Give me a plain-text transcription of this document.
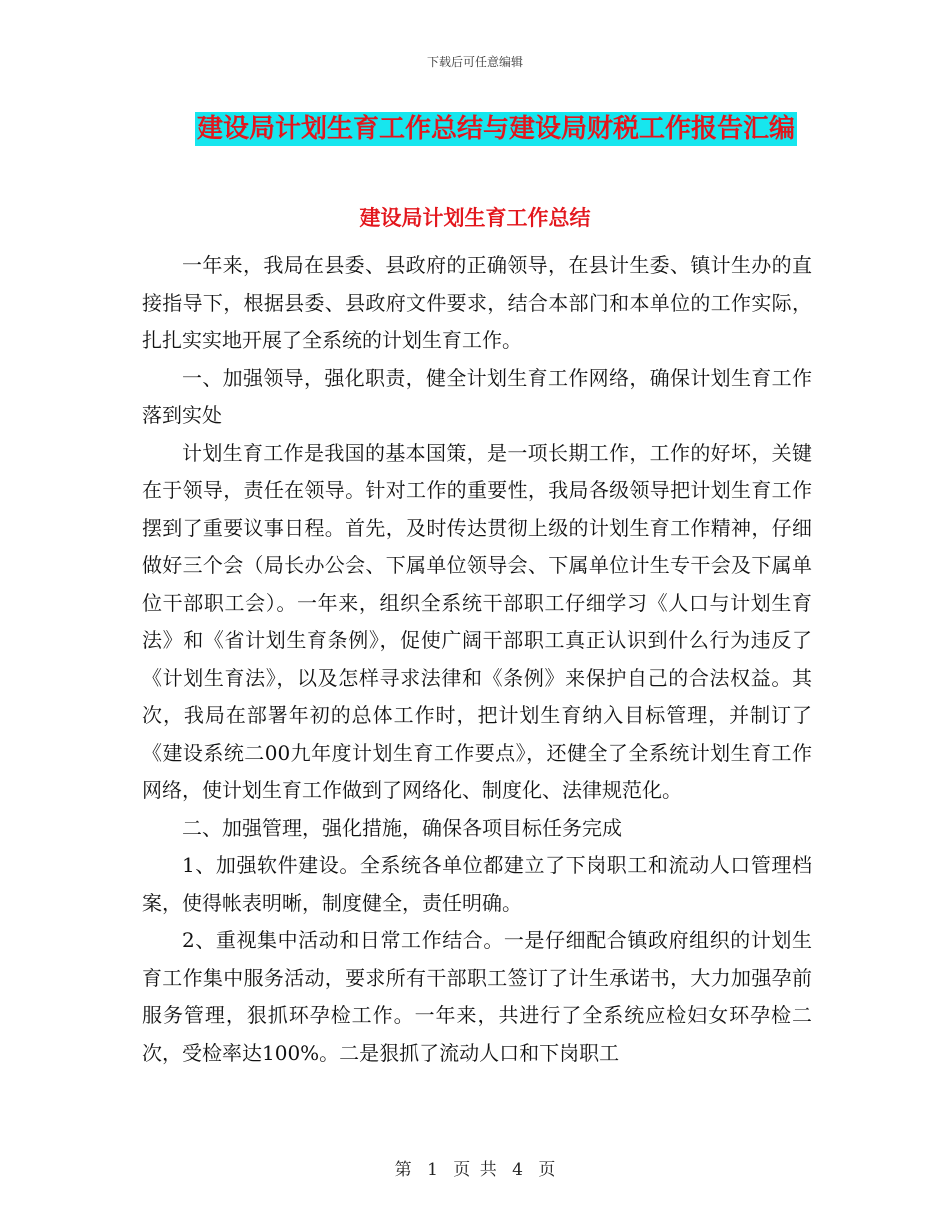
下载后可任意编辑
建设局计划生育工作总结与建设局财税工作报告汇编
建设局计划生育工作总结

一年来，我局在县委、县政府的正确领导，在县计生委、镇计生办的直接指导下，根据县委、县政府文件要求，结合本部门和本单位的工作实际，扎扎实实地开展了全系统的计划生育工作。

一、加强领导，强化职责，健全计划生育工作网络，确保计划生育工作落到实处

计划生育工作是我国的基本国策，是一项长期工作，工作的好坏，关键在于领导，责任在领导。针对工作的重要性，我局各级领导把计划生育工作摆到了重要议事日程。首先，及时传达贯彻上级的计划生育工作精神，仔细做好三个会（局长办公会、下属单位领导会、下属单位计生专干会及下属单位干部职工会）。一年来，组织全系统干部职工仔细学习《人口与计划生育法》和《省计划生育条例》，促使广阔干部职工真正认识到什么行为违反了《计划生育法》，以及怎样寻求法律和《条例》来保护自己的合法权益。其次，我局在部署年初的总体工作时，把计划生育纳入目标管理，并制订了《建设系统二00九年度计划生育工作要点》，还健全了全系统计划生育工作网络，使计划生育工作做到了网络化、制度化、法律规范化。

二、加强管理，强化措施，确保各项目标任务完成

1、加强软件建设。全系统各单位都建立了下岗职工和流动人口管理档案，使得帐表明晰，制度健全，责任明确。

2、重视集中活动和日常工作结合。一是仔细配合镇政府组织的计划生育工作集中服务活动，要求所有干部职工签订了计生承诺书，大力加强孕前服务管理，狠抓环孕检工作。一年来，共进行了全系统应检妇女环孕检二次，受检率达100%。二是狠抓了流动人口和下岗职工

第 1 页 共 4 页
